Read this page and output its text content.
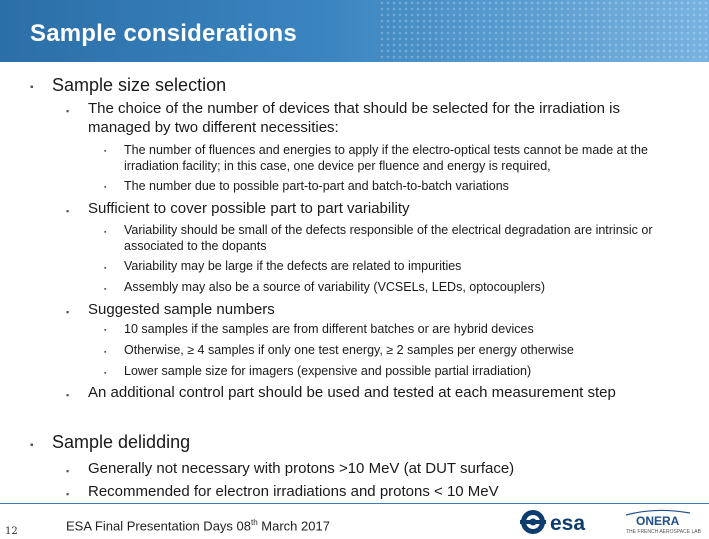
Sample considerations
▪ Sample size selection
▪ The choice of the number of devices that should be selected for the irradiation is managed by two different necessities:
▪ The number of fluences and energies to apply if the electro-optical tests cannot be made at the irradiation facility; in this case, one device per fluence and energy is required,
▪ The number due to possible part-to-part and batch-to-batch variations
▪ Sufficient to cover possible part to part variability
▪ Variability should be small of the defects responsible of the electrical degradation are intrinsic or associated to the dopants
▪ Variability may be large if the defects are related to impurities
▪ Assembly may also be a source of variability (VCSELs, LEDs, optocouplers)
▪ Suggested sample numbers
▪ 10 samples if the samples are from different batches or are hybrid devices
▪ Otherwise, ≥ 4 samples if only one test energy, ≥ 2 samples per energy otherwise
▪ Lower sample size for imagers (expensive and possible partial irradiation)
▪ An additional control part should be used and tested at each measurement step
▪ Sample delidding
▪ Generally not necessary with protons >10 MeV (at DUT surface)
▪ Recommended for electron irradiations and protons < 10 MeV
12	ESA Final Presentation Days 08th March 2017	esa	ONERA
THE FRENCH AEROSPACE LAB
